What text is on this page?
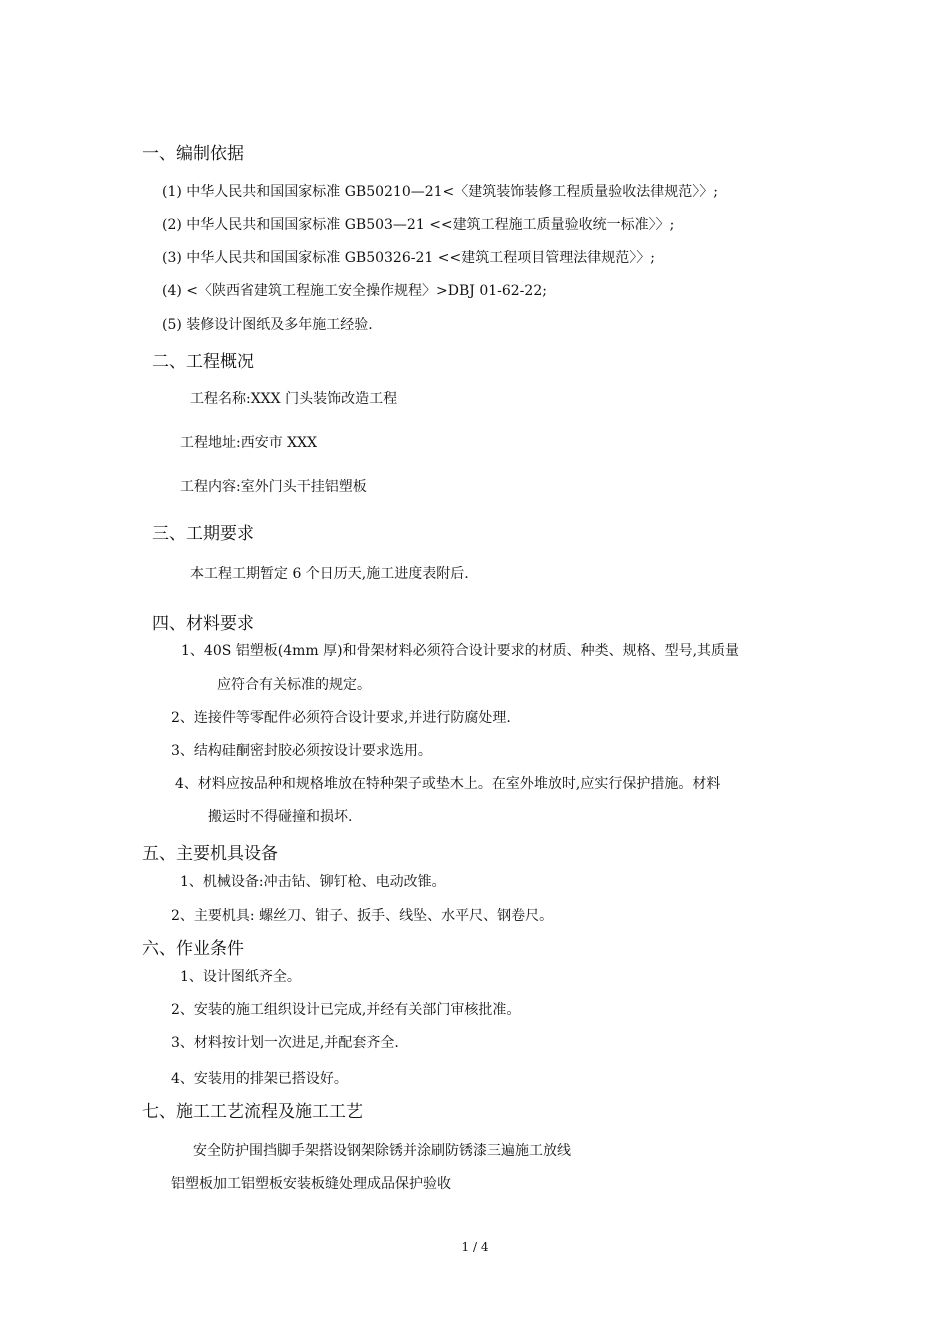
一、编制依据
(1) 中华人民共和国国家标准 GB50210—21<〈建筑装饰装修工程质量验收法律规范〉〉;
(2) 中华人民共和国国家标准 GB503—21 <<建筑工程施工质量验收统一标准〉〉;
(3) 中华人民共和国国家标准 GB50326-21 <<建筑工程项目管理法律规范〉〉;
(4) <〈陕西省建筑工程施工安全操作规程〉>DBJ 01-62-22;
(5) 装修设计图纸及多年施工经验.
二、工程概况
工程名称:XXX 门头装饰改造工程
工程地址:西安市 XXX
工程内容:室外门头干挂铝塑板
三、工期要求
本工程工期暂定 6 个日历天,施工进度表附后.
四、材料要求
1、40S 铝塑板(4mm 厚)和骨架材料必须符合设计要求的材质、种类、规格、型号,其质量
应符合有关标准的规定。
2、连接件等零配件必须符合设计要求,并进行防腐处理.
3、结构硅酮密封胶必须按设计要求选用。
4、材料应按品种和规格堆放在特种架子或垫木上。在室外堆放时,应实行保护措施。材料
搬运时不得碰撞和损坏.
五、主要机具设备
1、机械设备:冲击钻、铆钉枪、电动改锥。
2、主要机具: 螺丝刀、钳子、扳手、线坠、水平尺、钢卷尺。
六、作业条件
1、设计图纸齐全。
2、安装的施工组织设计已完成,并经有关部门审核批准。
3、材料按计划一次进足,并配套齐全.
4、安装用的排架已搭设好。
七、施工工艺流程及施工工艺
安全防护围挡脚手架搭设钢架除锈并涂刷防锈漆三遍施工放线
铝塑板加工铝塑板安装板缝处理成品保护验收
1 / 4
